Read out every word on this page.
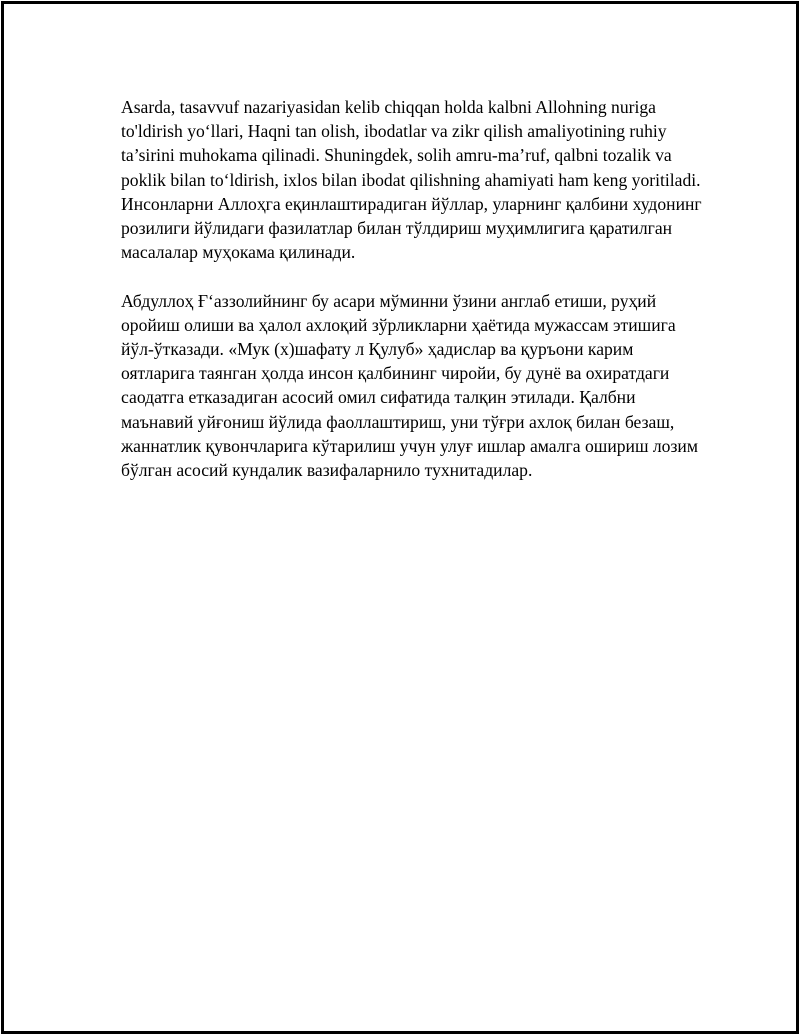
Asarda, tasavvuf nazariyasidan kelib chiqqan holda kalbni Allohning nuriga to'ldirish yo‘llari, Haqni tan olish, ibodatlar va zikr qilish amaliyotining ruhiy ta’sirini muhokama qilinadi. Shuningdek, solih amru-ma’ruf, qalbni tozalik va poklik bilan to‘ldirish, ixlos bilan ibodat qilishning ahamiyati ham keng yoritiladi. Инсонларни Аллоҳга еқинлаштирадиган йўллар, уларнинг қалбини худонинг розилиги йўлидаги фазилатлар билан тўлдириш муҳимлигига қаратилган масалалар муҳокама қилинади.

Абдуллоҳ Ғ‘аззолийнинг бу асари мўминни ўзини англаб етиши, руҳий оройиш олиши ва ҳалол ахлоқий зўрликларни ҳаётида мужассам этишига йўл-ўтказади. «Мук (х)шафату л Қулуб» ҳадислар ва қуръони карим оятларига таянган ҳолда инсон қалбининг чиройи, бу дунё ва охиратдаги саодатга етказадиган асосий омил сифатида талқин этилади. Қалбни маънавий уйғониш йўлида фаоллаштириш, уни тўғри ахлоқ билан безаш, жаннатлик қувончларига кўтарилиш учун улуғ ишлар амалга ошириш лозим бўлган асосий кундалик вазифаларнило тухнитадилар.
